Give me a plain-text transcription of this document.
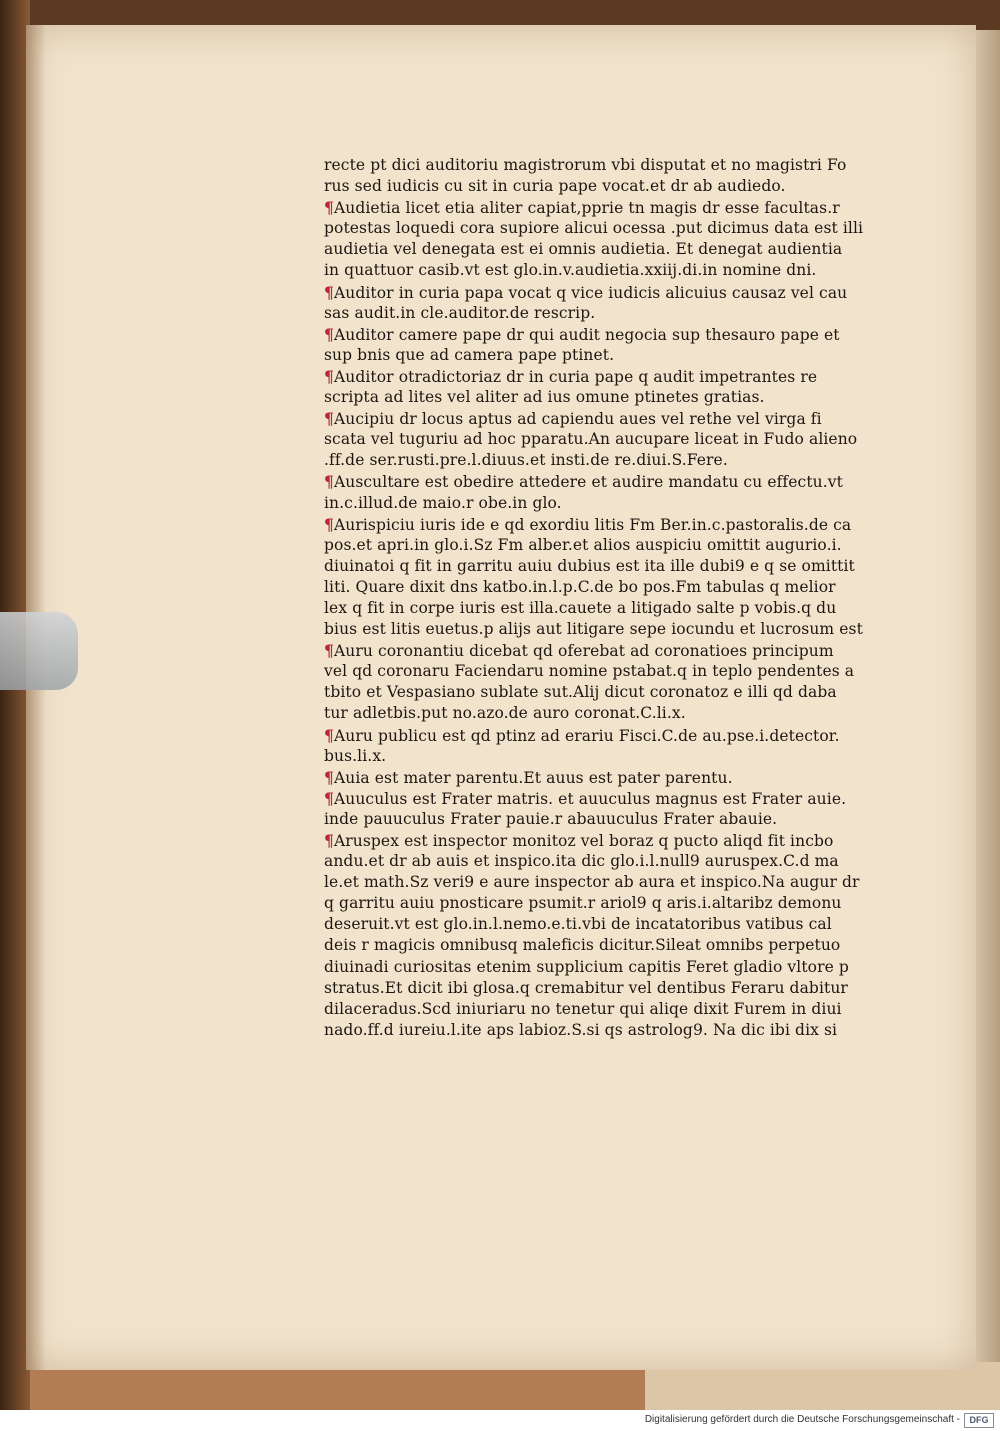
recte pt dici auditoriu magistrorum vbi disputat et no magistri Fo
rus sed iudicis cu sit in curia pape vocat.et dr ab audiedo.
¶Audietia licet etia aliter capiat,pprie tn magis dr esse facultas.r
potestas loquedi cora supiore alicui ocessa .put dicimus data est illi
audietia vel denegata est ei omnis audietia. Et denegat audientia
in quattuor casib.vt est glo.in.v.audietia.xxiij.di.in nomine dni.
¶Auditor in curia papa vocat q vice iudicis alicuius causaz vel cau
sas audit.in cle.auditor.de rescrip.
¶Auditor camere pape dr qui audit negocia sup thesauro pape et
sup bnis que ad camera pape ptinet.
¶Auditor otradictoriaz dr in curia pape q audit impetrantes re
scripta ad lites vel aliter ad ius omune ptinetes gratias.
¶Aucipiu dr locus aptus ad capiendu aues vel rethe vel virga fi
scata vel tuguriu ad hoc pparatu.An aucupare liceat in Fudo alieno
.ff.de ser.rusti.pre.l.diuus.et insti.de re.diui.S.Fere.
¶Auscultare est obedire attedere et audire mandatu cu effectu.vt
in.c.illud.de maio.r obe.in glo.
¶Aurispiciu iuris ide e qd exordiu litis Fm Ber.in.c.pastoralis.de ca
pos.et apri.in glo.i.Sz Fm alber.et alios auspiciu omittit augurio.i.
diuinatoi q fit in garritu auiu dubius est ita ille dubi9 e q se omittit
liti. Quare dixit dns katbo.in.l.p.C.de bo pos.Fm tabulas q melior
lex q fit in corpe iuris est illa.cauete a litigado salte p vobis.q du
bius est litis euetus.p alijs aut litigare sepe iocundu et lucrosum est
¶Auru coronantiu dicebat qd oferebat ad coronatioes principum
vel qd coronaru Faciendaru nomine pstabat.q in teplo pendentes a
tbito et Vespasiano sublate sut.Alij dicut coronatoz e illi qd daba
tur adletbis.put no.azo.de auro coronat.C.li.x.
¶Auru publicu est qd ptinz ad erariu Fisci.C.de au.pse.i.detector.
bus.li.x.
¶Auia est mater parentu.Et auus est pater parentu.
¶Auuculus est Frater matris. et auuculus magnus est Frater auie.
inde pauuculus Frater pauie.r abauuculus Frater abauie.
¶Aruspex est inspector monitoz vel boraz q pucto aliqd fit incbo
andu.et dr ab auis et inspico.ita dic glo.i.l.null9 auruspex.C.d ma
le.et math.Sz veri9 e aure inspector ab aura et inspico.Na augur dr
q garritu auiu pnosticare psumit.r ariol9 q aris.i.altaribz demonu
deseruit.vt est glo.in.l.nemo.e.ti.vbi de incatatoribus vatibus cal
deis r magicis omnibusq maleficis dicitur.Sileat omnibs perpetuo
diuinadi curiositas etenim supplicium capitis Feret gladio vltore p
stratus.Et dicit ibi glosa.q cremabitur vel dentibus Feraru dabitur
dilaceradus.Scd iniuriaru no tenetur qui aliqe dixit Furem in diui
nado.ff.d iureiu.l.ite aps labioz.S.si qs astrolog9. Na dic ibi dix si
Digitalisierung gefördert durch die Deutsche Forschungsgemeinschaft -	DFG
